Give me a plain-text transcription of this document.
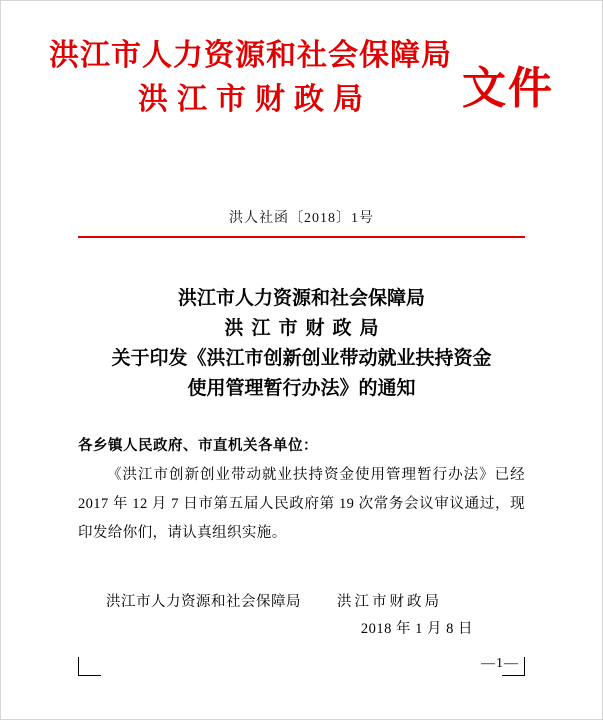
洪江市人力资源和社会保障局
洪江市财政局	文件
洪人社函〔2018〕1号
洪江市人力资源和社会保障局
洪江市财政局
关于印发《洪江市创新创业带动就业扶持资金
使用管理暂行办法》的通知
各乡镇人民政府、市直机关各单位：
《洪江市创新创业带动就业扶持资金使用管理暂行办法》已经 2017 年 12 月 7 日市第五届人民政府第 19 次常务会议审议通过，现印发给你们，请认真组织实施。
洪江市人力资源和社会保障局 洪江市财政局
2018 年 1 月 8 日
—1—
